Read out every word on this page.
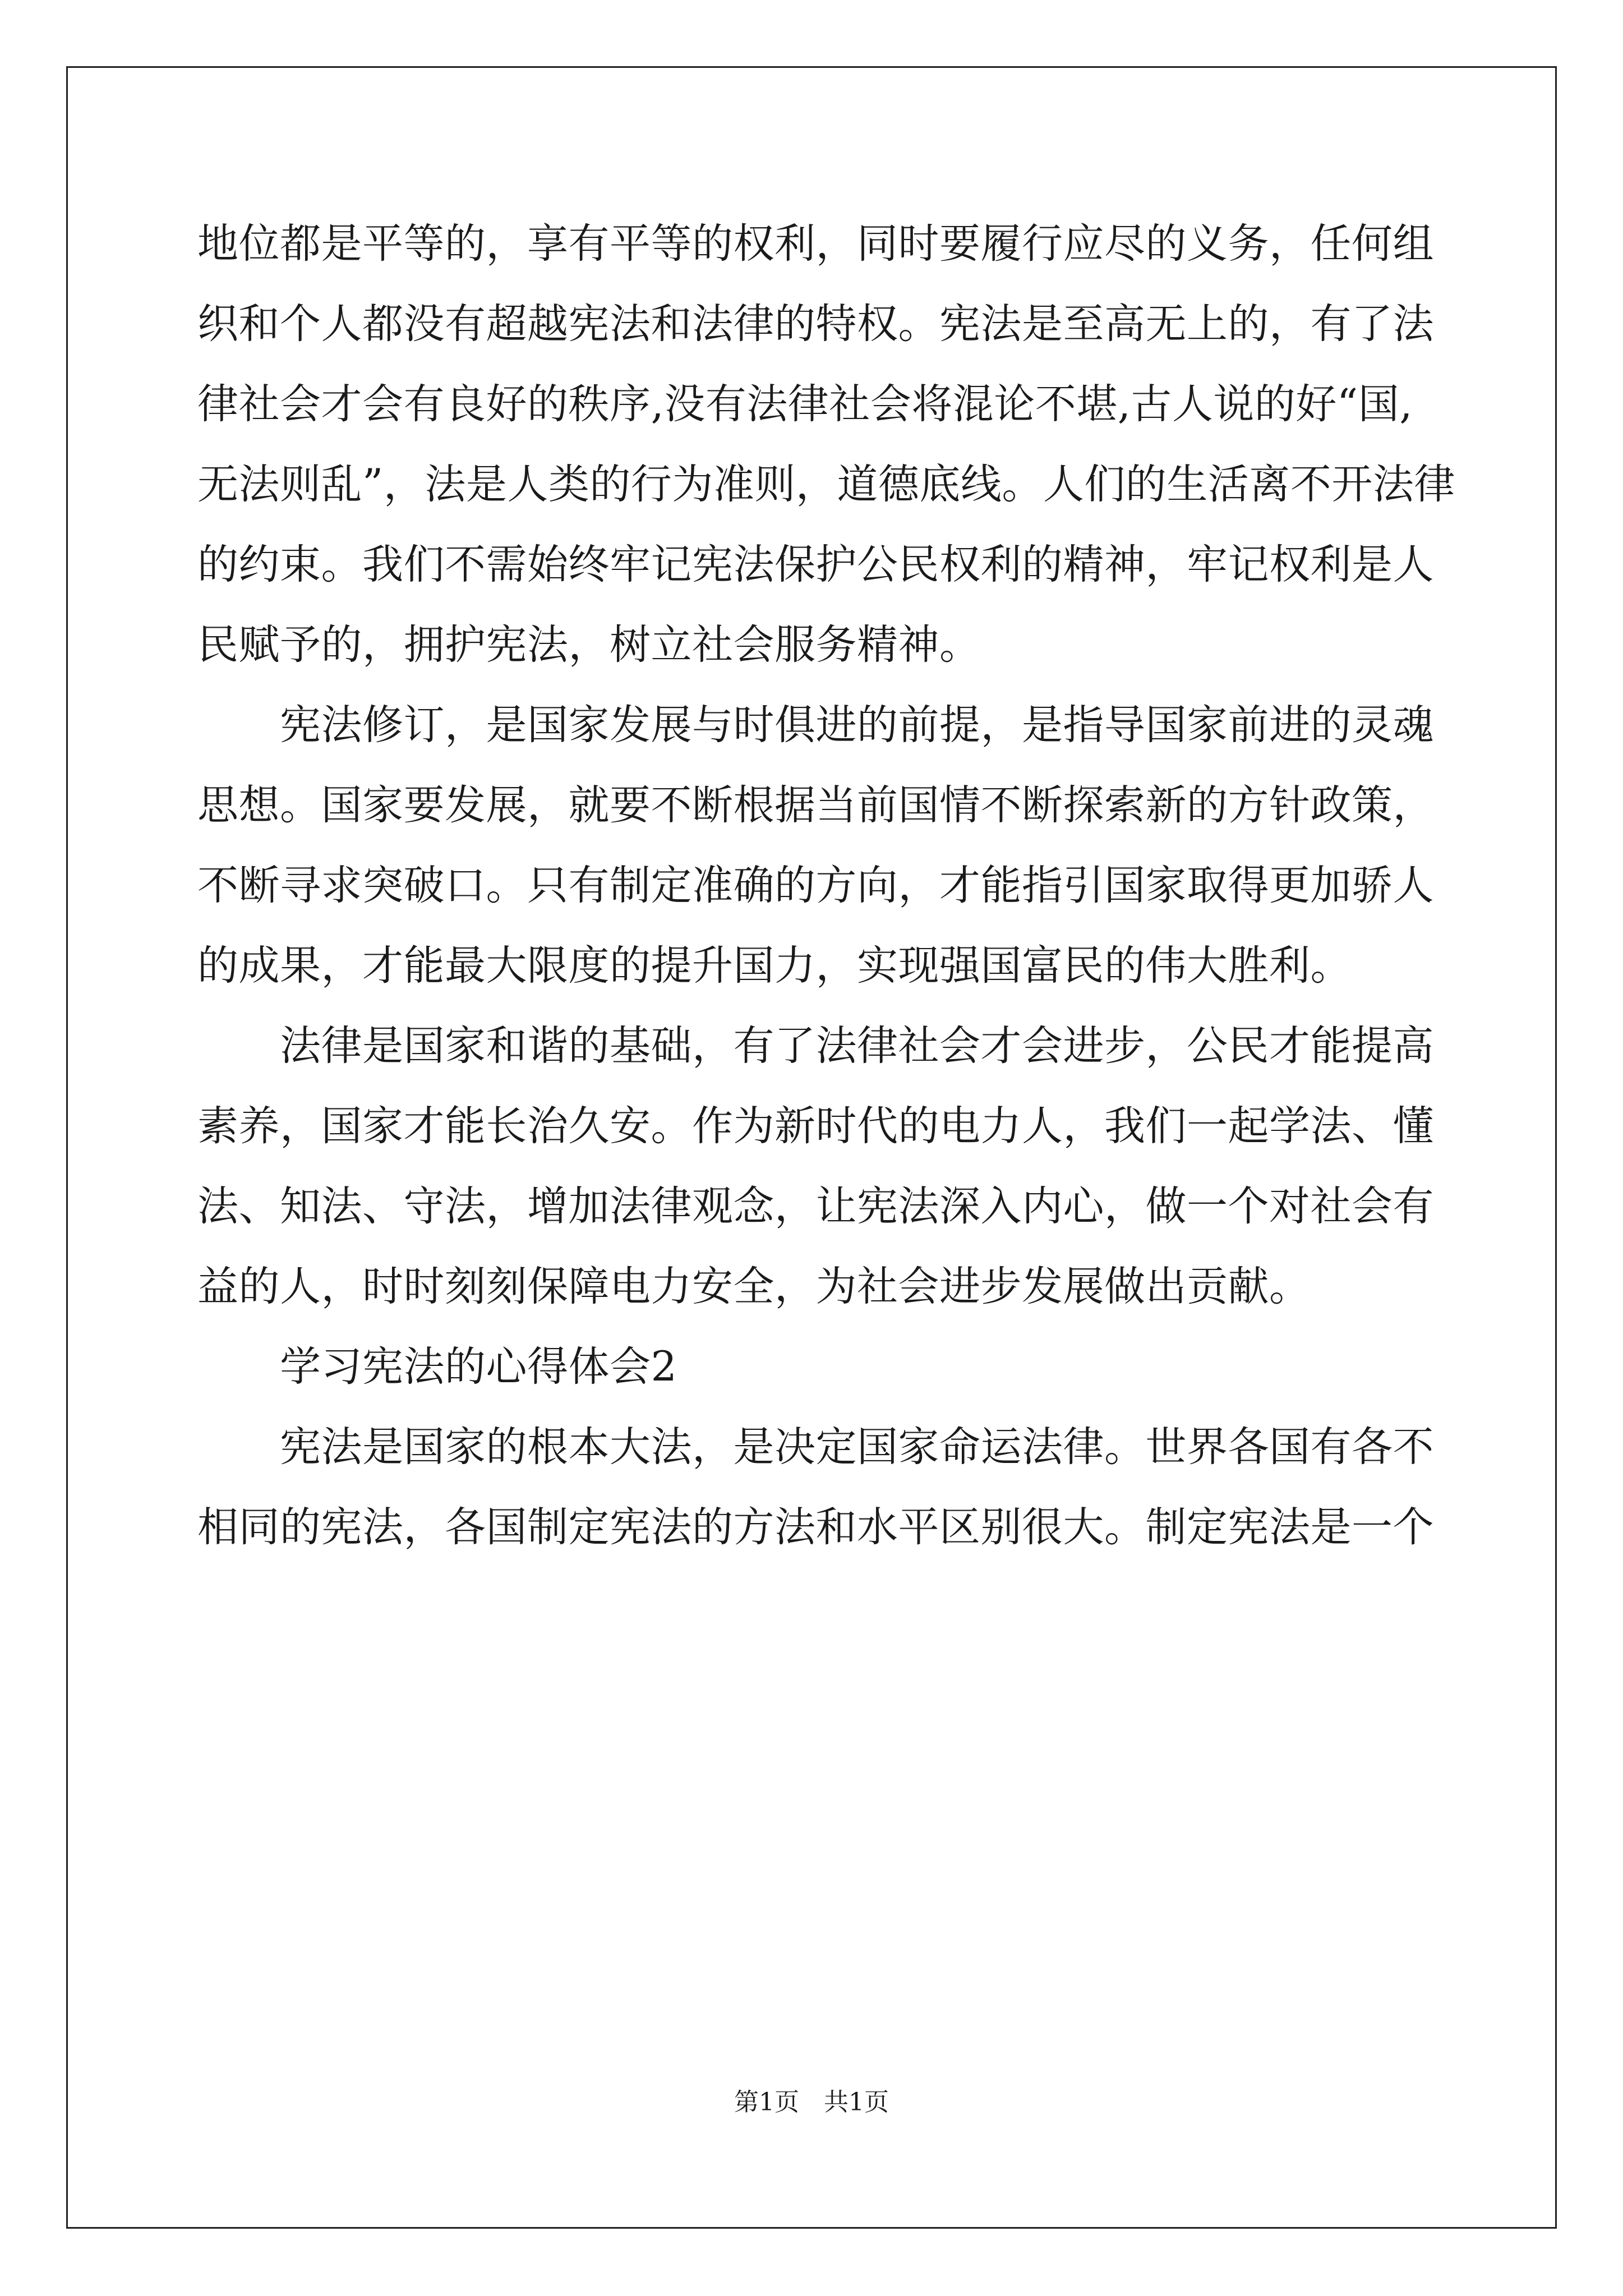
地位都是平等的，享有平等的权利，同时要履行应尽的义务，任何组
织和个人都没有超越宪法和法律的特权。宪法是至高无上的，有了法
律社会才会有良好的秩序,没有法律社会将混论不堪,古人说的好“国,
无法则乱”，法是人类的行为准则，道德底线。人们的生活离不开法律
的约束。我们不需始终牢记宪法保护公民权利的精神，牢记权利是人
民赋予的，拥护宪法，树立社会服务精神。
宪法修订，是国家发展与时俱进的前提，是指导国家前进的灵魂
思想。国家要发展，就要不断根据当前国情不断探索新的方针政策，
不断寻求突破口。只有制定准确的方向，才能指引国家取得更加骄人
的成果，才能最大限度的提升国力，实现强国富民的伟大胜利。
法律是国家和谐的基础，有了法律社会才会进步，公民才能提高
素养，国家才能长治久安。作为新时代的电力人，我们一起学法、懂
法、知法、守法，增加法律观念，让宪法深入内心，做一个对社会有
益的人，时时刻刻保障电力安全，为社会进步发展做出贡献。
学习宪法的心得体会2
宪法是国家的根本大法，是决定国家命运法律。世界各国有各不
相同的宪法，各国制定宪法的方法和水平区别很大。制定宪法是一个
第1页 共1页
